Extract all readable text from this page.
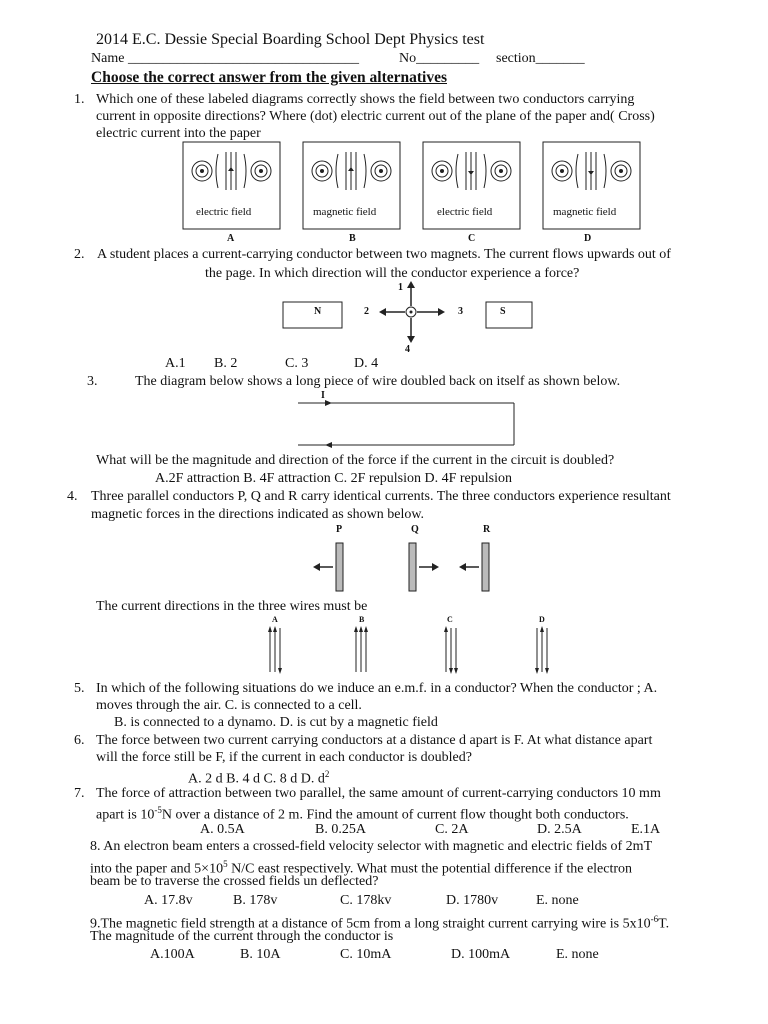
2014 E.C. Dessie Special Boarding School Dept Physics test
Name _________________________________	No_________ section_______
Choose the correct answer from the given alternatives
1. Which one of these labeled diagrams correctly shows the field between two conductors carrying
current in opposite directions? Where (dot) electric current out of the plane of the paper and( Cross)
electric current into the paper
electric field
A
magnetic field
B
electric field
C
magnetic field
D
2. A student places a current-carrying conductor between two magnets. The current flows upwards out of
the page. In which direction will the conductor experience a force?
N	S
1
2	3
4
A.1 B. 2	C. 3	D. 4
3.	The diagram below shows a long piece of wire doubled back on itself as shown below.
I
What will be the magnitude and direction of the force if the current in the circuit is doubled?
A.2F attraction B. 4F attraction C. 2F repulsion D. 4F repulsion
4. Three parallel conductors P, Q and R carry identical currents. The three conductors experience resultant
magnetic forces in the directions indicated as shown below.
P	Q	R
The current directions in the three wires must be
A	B	C	D
5. In which of the following situations do we induce an e.m.f. in a conductor? When the conductor ; A.
moves through the air. C. is connected to a cell.
B. is connected to a dynamo. D. is cut by a magnetic field
6. The force between two current carrying conductors at a distance d apart is F. At what distance apart
will the force still be F, if the current in each conductor is doubled?
A. 2 d B. 4 d C. 8 d D. $d^2$
7. The force of attraction between two parallel, the same amount of current-carrying conductors 10 mm
apart is $10^{-5}N$ over a distance of 2 m. Find the amount of current flow thought both conductors.
A. 0.5A	B. 0.25A	C. 2A	D. 2.5A	E.1A
8. An electron beam enters a crossed-field velocity selector with magnetic and electric fields of 2mT
into the paper and $5\times 10^5$ N/C east respectively. What must the potential difference if the electron
beam be to traverse the crossed fields un deflected?
A. 17.8v	B. 178v	C. 178kv	D. 1780v	E. none
9.The magnetic field strength at a distance of 5cm from a long straight current carrying wire is $5x10^{-6}T$.
The magnitude of the current through the conductor is
A.100A	B. 10A	C. 10mA	D. 100mA	E. none
